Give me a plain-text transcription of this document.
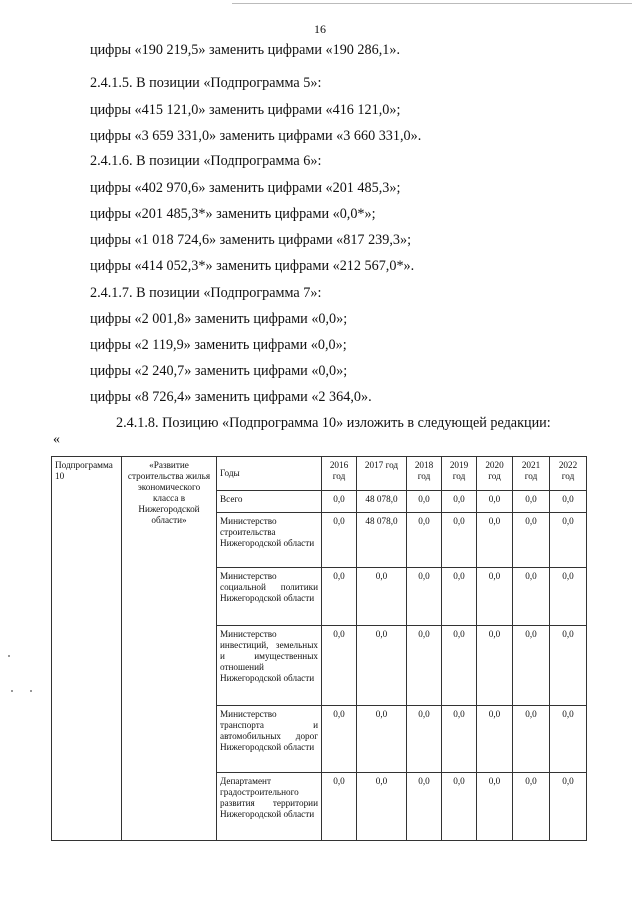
16
цифры «190 219,5» заменить цифрами «190 286,1».
2.4.1.5. В позиции «Подпрограмма 5»:
цифры «415 121,0» заменить цифрами «416 121,0»;
цифры «3 659 331,0» заменить цифрами «3 660 331,0».
2.4.1.6. В позиции «Подпрограмма 6»:
цифры «402 970,6» заменить цифрами «201 485,3»;
цифры «201 485,3*» заменить цифрами «0,0*»;
цифры «1 018 724,6» заменить цифрами «817 239,3»;
цифры «414 052,3*» заменить цифрами «212 567,0*».
2.4.1.7. В позиции «Подпрограмма 7»:
цифры «2 001,8» заменить цифрами «0,0»;
цифры «2 119,9» заменить цифрами «0,0»;
цифры «2 240,7» заменить цифрами «0,0»;
цифры «8 726,4» заменить цифрами «2 364,0».
2.4.1.8. Позицию «Подпрограмма 10» изложить в следующей редакции:
«
Подпрограмма 10	«Развитие строительства жилья экономического класса в Нижегородской области»	Годы	2016 год	2017 год	2018 год	2019 год	2020 год	2021 год	2022 год
		Всего	0,0	48 078,0	0,0	0,0	0,0	0,0	0,0
		Министерство строительства Нижегородской области	0,0	48 078,0	0,0	0,0	0,0	0,0	0,0
		Министерство социальной политики Нижегородской области	0,0	0,0	0,0	0,0	0,0	0,0	0,0
		Министерство инвестиций, земельных и имущественных отношений Нижегородской области	0,0	0,0	0,0	0,0	0,0	0,0	0,0
		Министерство транспорта и автомобильных дорог Нижегородской области	0,0	0,0	0,0	0,0	0,0	0,0	0,0
		Департамент градостроительного развития территории Нижегородской области	0,0	0,0	0,0	0,0	0,0	0,0	0,0
